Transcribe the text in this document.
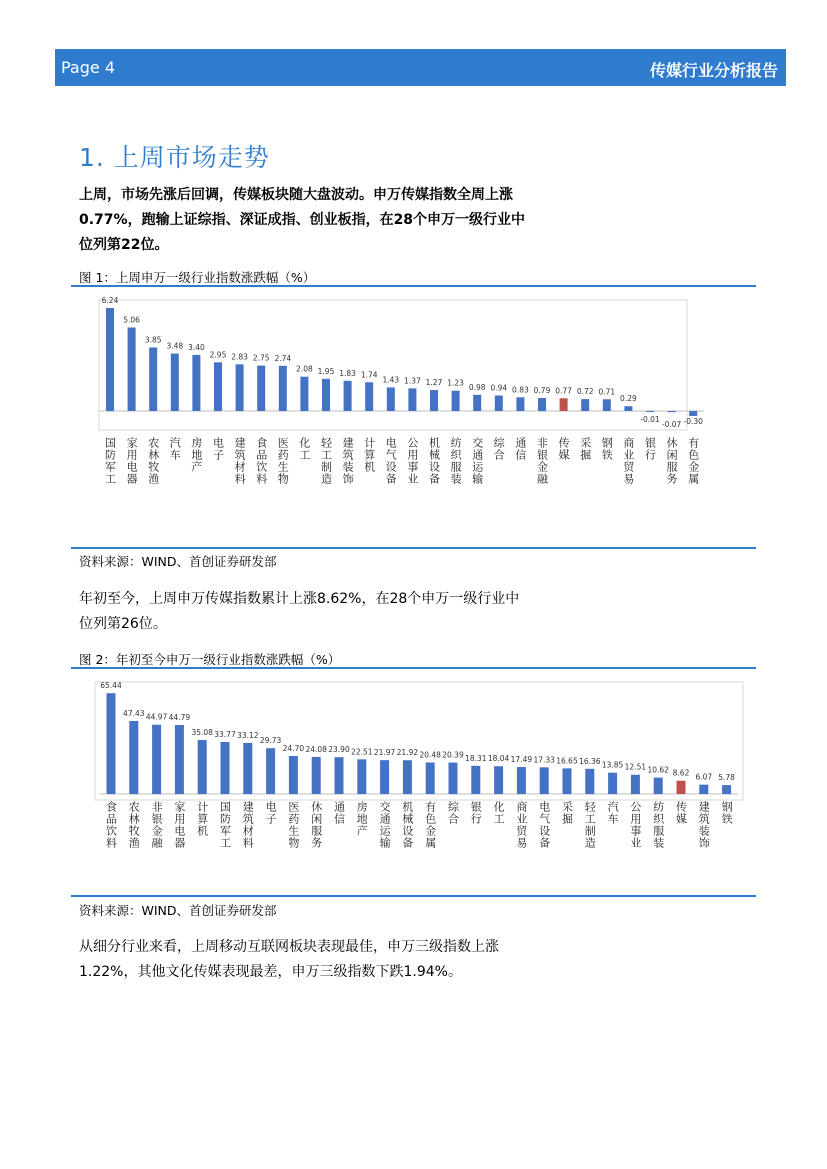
Page 4	传媒行业分析报告
1. 上周市场走势
上周，市场先涨后回调，传媒板块随大盘波动。申万传媒指数全周上涨0.77%，跑输上证综指、深证成指、创业板指，在28个申万一级行业中位列第22位。
图 1：上周申万一级行业指数涨跌幅（%）
6.24
国防军工
5.06
家用电器
3.85
农林牧渔
3.48
汽车
3.40
房地产
2.95
电子
2.83
建筑材料
2.75
食品饮料
2.74
医药生物
2.08
化工
1.95
轻工制造
1.83
建筑装饰
1.74
计算机
1.43
电气设备
1.37
公用事业
1.27
机械设备
1.23
纺织服装
0.98
交通运输
0.94
综合
0.83
通信
0.79
非银金融
0.77
传媒
0.72
采掘
0.71
钢铁
0.29
商业贸易
-0.01
银行
-0.07
休闲服务
-0.30
有色金属
资料来源：WIND、首创证券研发部
年初至今，上周申万传媒指数累计上涨8.62%，在28个申万一级行业中位列第26位。
图 2：年初至今申万一级行业指数涨跌幅（%）
65.44
食品饮料
47.43
农林牧渔
44.97
非银金融
44.79
家用电器
35.08
计算机
33.77
国防军工
33.12
建筑材料
29.73
电子
24.70
医药生物
24.08
休闲服务
23.90
通信
22.51
房地产
21.97
交通运输
21.92
机械设备
20.48
有色金属
20.39
综合
18.31
银行
18.04
化工
17.49
商业贸易
17.33
电气设备
16.65
采掘
16.36
轻工制造
13.85
汽车
12.51
公用事业
10.62
纺织服装
8.62
传媒
6.07
建筑装饰
5.78
钢铁
资料来源：WIND、首创证券研发部
从细分行业来看，上周移动互联网板块表现最佳，申万三级指数上涨1.22%，其他文化传媒表现最差，申万三级指数下跌1.94%。
